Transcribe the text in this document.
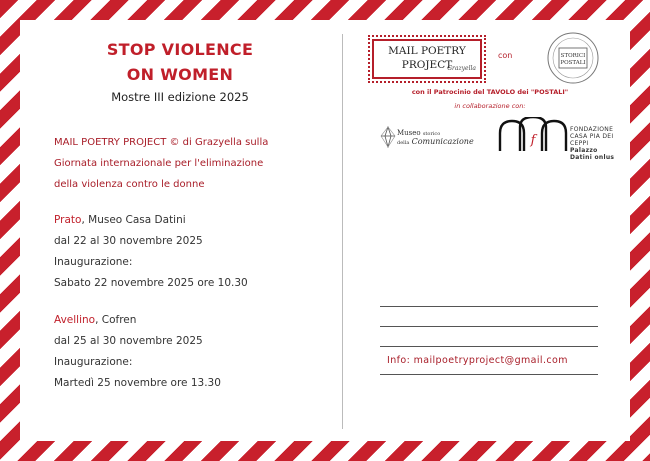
STOP VIOLENCE
ON WOMEN
Mostre III edizione 2025
MAIL POETRY PROJECT © di Grazyella sulla
Giornata internazionale per l'eliminazione
della violenza contro le donne
Prato, Museo Casa Datini
dal 22 al 30 novembre 2025
Inaugurazione:
Sabato 22 novembre 2025 ore 10.30
Avellino, Cofren
dal 25 al 30 novembre 2025
Inaugurazione:
Martedì 25 novembre ore 13.30
MAIL POETRY
PROJECT
Grazyella
con	STORICI
POSTALI
con il Patrocinio del TAVOLO dei "POSTALI"
in collaborazione con:
Museo storico
della Comunicazione	f
FONDAZIONE
CASA PIA DEI CEPPI
Palazzo Datini onlus
Info: mailpoetryproject@gmail.com
